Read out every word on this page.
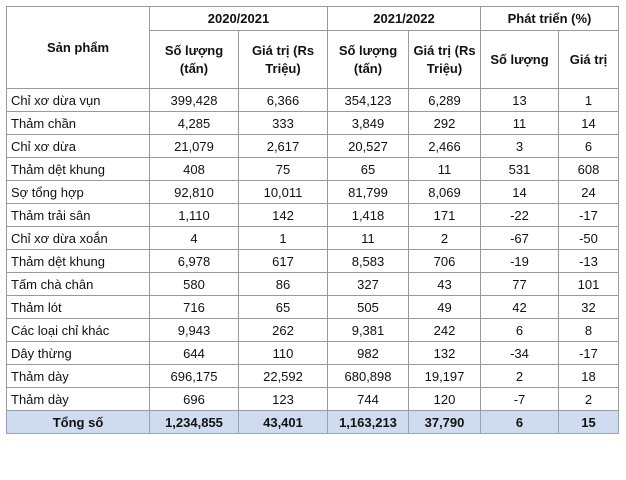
Sản phẩm	2020/2021		2021/2022		Phát triển (%)	
	Số lượng (tấn)	Giá trị (Rs Triệu)	Số lượng (tấn)	Giá trị (Rs Triệu)	Số lượng	Giá trị
Chỉ xơ dừa vụn	399,428	6,366	354,123	6,289	13	1
Thảm chần	4,285	333	3,849	292	11	14
Chỉ xơ dừa	21,079	2,617	20,527	2,466	3	6
Thảm dệt khung	408	75	65	11	531	608
Sợ tổng hợp	92,810	10,011	81,799	8,069	14	24
Thảm trải sân	1,110	142	1,418	171	-22	-17
Chỉ xơ dừa xoắn	4	1	11	2	-67	-50
Thảm dệt khung	6,978	617	8,583	706	-19	-13
Tấm chà chân	580	86	327	43	77	101
Thảm lót	716	65	505	49	42	32
Các loại chỉ khác	9,943	262	9,381	242	6	8
Dây thừng	644	110	982	132	-34	-17
Thảm dày	696,175	22,592	680,898	19,197	2	18
Thảm dày	696	123	744	120	-7	2
Tổng số	1,234,855	43,401	1,163,213	37,790	6	15
